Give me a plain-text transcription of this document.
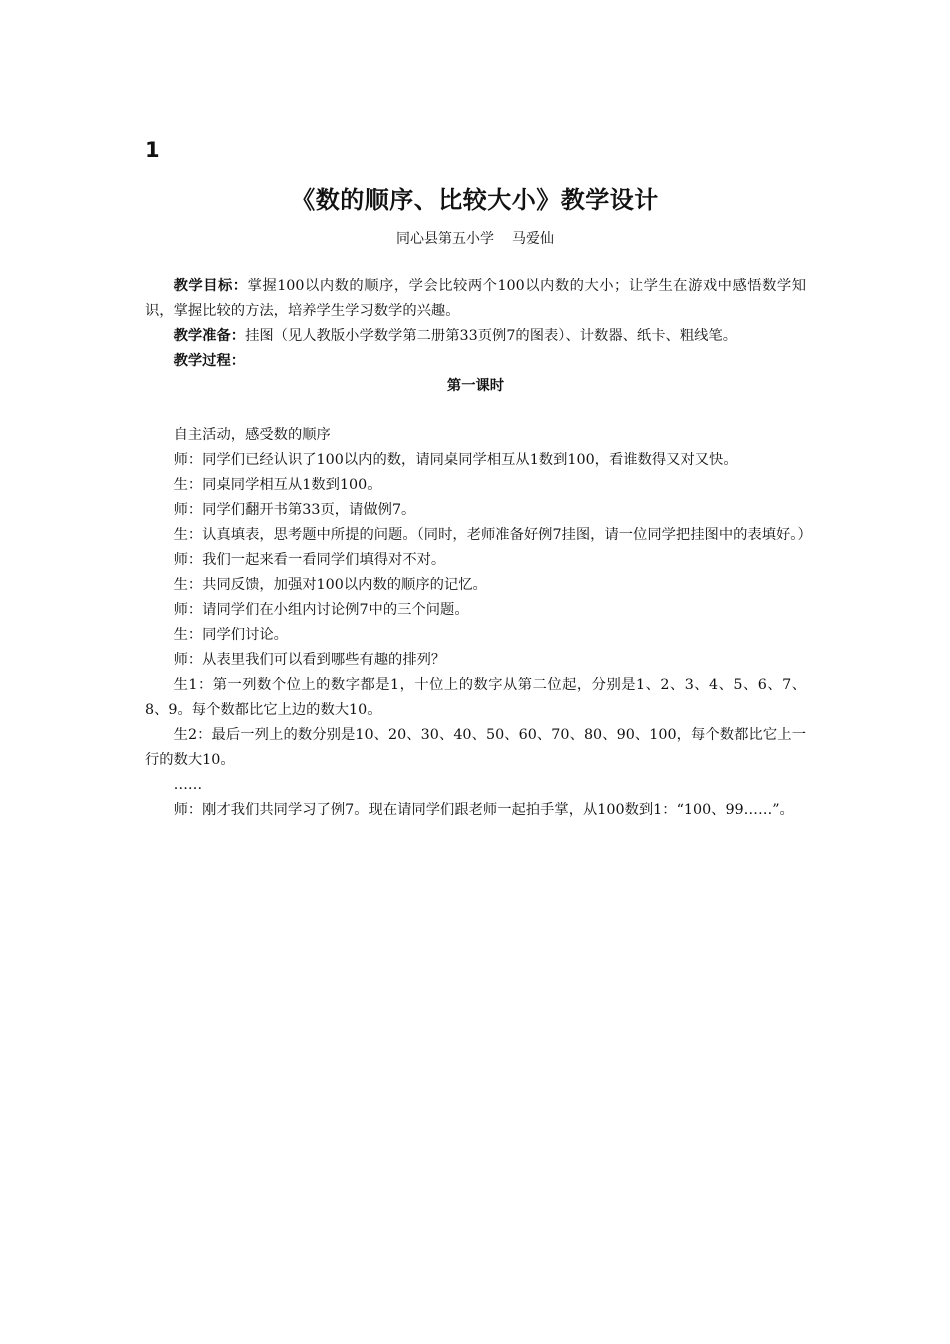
1
《数的顺序、比较大小》教学设计
同心县第五小学 马爱仙

教学目标：掌握100以内数的顺序，学会比较两个100以内数的大小；让学生在游戏中感悟数学知识，掌握比较的方法，培养学生学习数学的兴趣。

教学准备：挂图（见人教版小学数学第二册第33页例7的图表）、计数器、纸卡、粗线笔。

教学过程：

第一课时

自主活动，感受数的顺序

师：同学们已经认识了100以内的数，请同桌同学相互从1数到100，看谁数得又对又快。

生：同桌同学相互从1数到100。

师：同学们翻开书第33页，请做例7。

生：认真填表，思考题中所提的问题。（同时，老师准备好例7挂图，请一位同学把挂图中的表填好。）

师：我们一起来看一看同学们填得对不对。

生：共同反馈，加强对100以内数的顺序的记忆。

师：请同学们在小组内讨论例7中的三个问题。

生：同学们讨论。

师：从表里我们可以看到哪些有趣的排列？

生1：第一列数个位上的数字都是1，十位上的数字从第二位起，分别是1、2、3、4、5、6、7、8、9。每个数都比它上边的数大10。

生2：最后一列上的数分别是10、20、30、40、50、60、70、80、90、100，每个数都比它上一行的数大10。

……

师：刚才我们共同学习了例7。现在请同学们跟老师一起拍手掌，从100数到1：“100、99……”。
